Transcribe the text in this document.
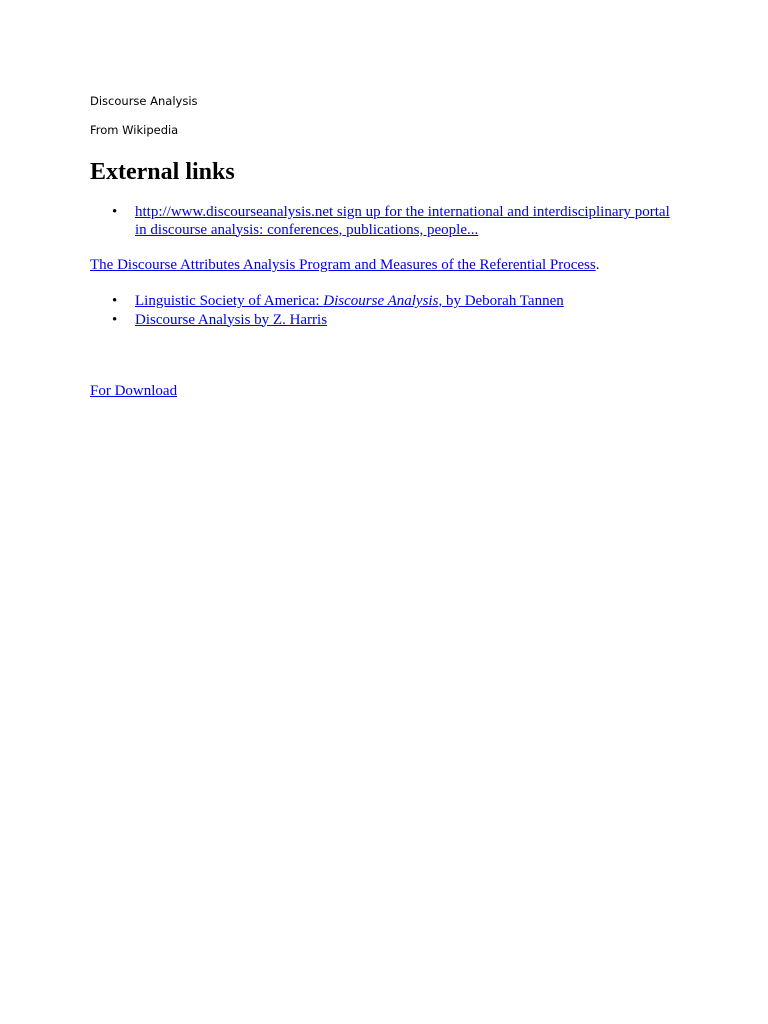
Discourse Analysis
From Wikipedia
External links
• http://www.discourseanalysis.net sign up for the international and interdisciplinary portal in discourse analysis: conferences, publications, people...

The Discourse Attributes Analysis Program and Measures of the Referential Process.

• Linguistic Society of America: Discourse Analysis, by Deborah Tannen
• Discourse Analysis by Z. Harris

For Download
